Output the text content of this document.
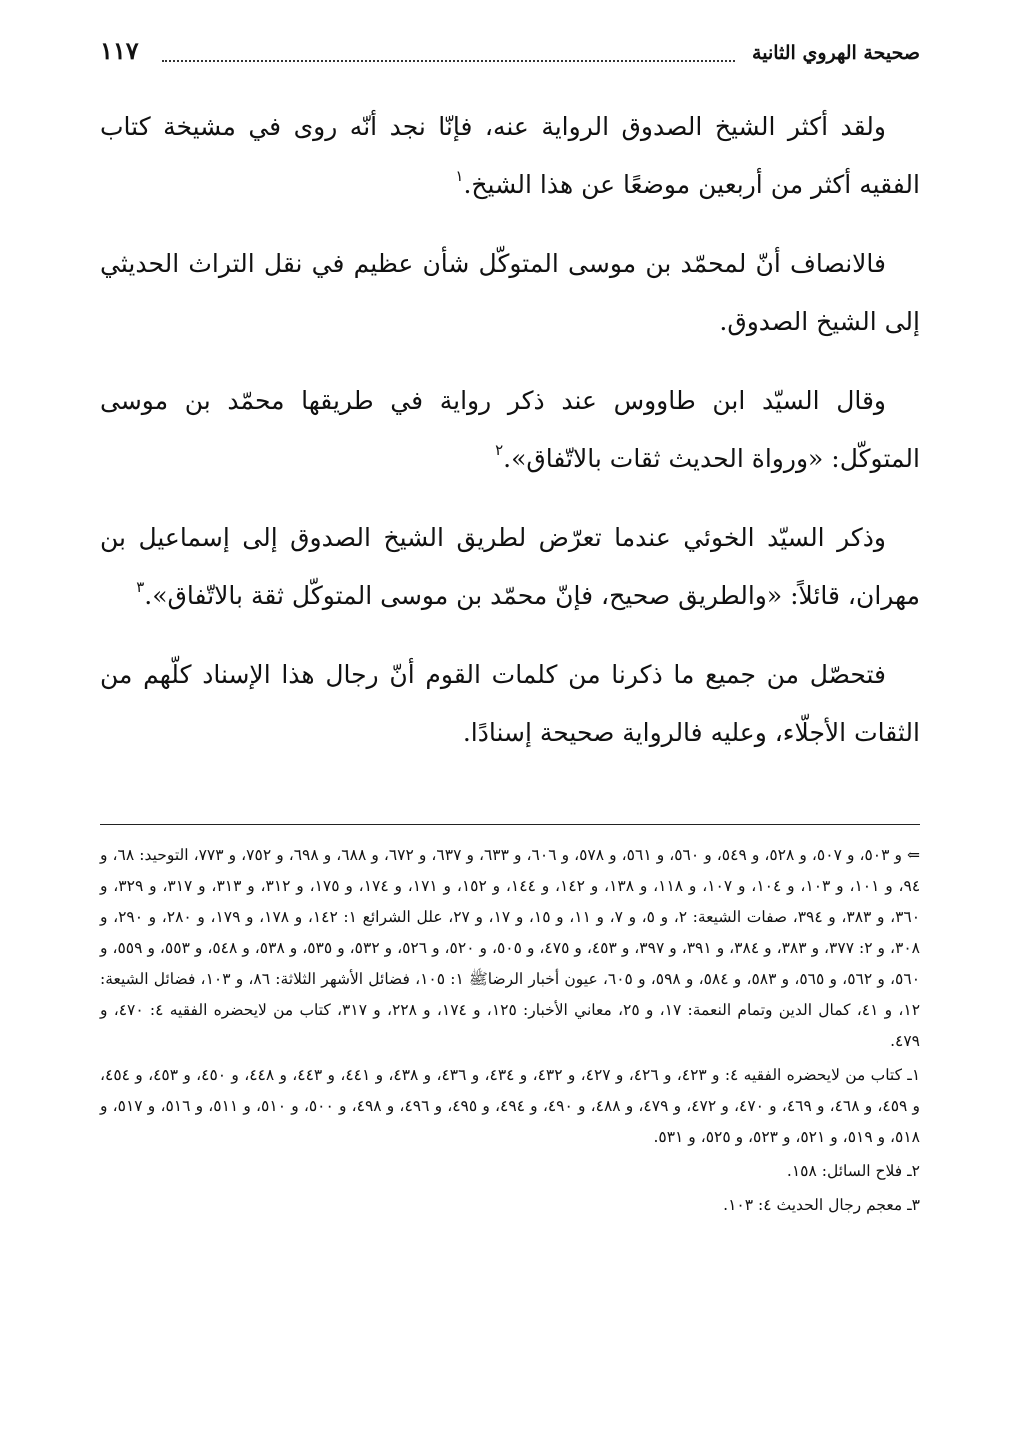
صحيحة الهروي الثانية
١١٧

ولقد أكثر الشيخ الصدوق الرواية عنه، فإنّا نجد أنّه روى في مشيخة كتاب الفقيه أكثر من أربعين موضعًا عن هذا الشيخ.$^١$

فالانصاف أنّ لمحمّد بن موسى المتوكّل شأن عظيم في نقل التراث الحديثي إلى الشيخ الصدوق.

وقال السيّد ابن طاووس عند ذكر رواية في طريقها محمّد بن موسى المتوكّل: «ورواة الحديث ثقات بالاتّفاق».$^٢$

وذكر السيّد الخوئي عندما تعرّض لطريق الشيخ الصدوق إلى إسماعيل بن مهران، قائلاً: «والطريق صحيح، فإنّ محمّد بن موسى المتوكّل ثقة بالاتّفاق».$^٣$

فتحصّل من جميع ما ذكرنا من كلمات القوم أنّ رجال هذا الإسناد كلّهم من الثقات الأجلّاء، وعليه فالرواية صحيحة إسنادًا.

⇐ و ٥٠٣، و ٥٠٧، و ٥٢٨، و ٥٤٩، و ٥٦٠، و ٥٦١، و ٥٧٨، و ٦٠٦، و ٦٣٣، و ٦٣٧، و ٦٧٢، و ٦٨٨، و ٦٩٨، و ٧٥٢، و ٧٧٣، التوحيد: ٦٨، و ٩٤، و ١٠١، و ١٠٣، و ١٠٤، و ١٠٧، و ١١٨، و ١٣٨، و ١٤٢، و ١٤٤، و ١٥٢، و ١٧١، و ١٧٤، و ١٧٥، و ٣١٢، و ٣١٣، و ٣١٧، و ٣٢٩، و ٣٦٠، و ٣٨٣، و ٣٩٤، صفات الشيعة: ٢، و ٥، و ٧، و ١١، و ١٥، و ١٧، و ٢٧، علل الشرائع ١: ١٤٢، و ١٧٨، و ١٧٩، و ٢٨٠، و ٢٩٠، و ٣٠٨، و ٢: ٣٧٧، و ٣٨٣، و ٣٨٤، و ٣٩١، و ٣٩٧، و ٤٥٣، و ٤٧٥، و ٥٠٥، و ٥٢٠، و ٥٢٦، و ٥٣٢، و ٥٣٥، و ٥٣٨، و ٥٤٨، و ٥٥٣، و ٥٥٩، و ٥٦٠، و ٥٦٢، و ٥٦٥، و ٥٨٣، و ٥٨٤، و ٥٩٨، و ٦٠٥، عيون أخبار الرضاﷺ ١: ١٠٥، فضائل الأشهر الثلاثة: ٨٦، و ١٠٣، فضائل الشيعة: ١٢، و ٤١، كمال الدين وتمام النعمة: ١٧، و ٢٥، معاني الأخبار: ١٢٥، و ١٧٤، و ٢٢٨، و ٣١٧، كتاب من لايحضره الفقيه ٤: ٤٧٠، و ٤٧٩.

١ـ كتاب من لايحضره الفقيه ٤: و ٤٢٣، و ٤٢٦، و ٤٢٧، و ٤٣٢، و ٤٣٤، و ٤٣٦، و ٤٣٨، و ٤٤١، و ٤٤٣، و ٤٤٨، و ٤٥٠، و ٤٥٣، و ٤٥٤، و ٤٥٩، و ٤٦٨، و ٤٦٩، و ٤٧٠، و ٤٧٢، و ٤٧٩، و ٤٨٨، و ٤٩٠، و ٤٩٤، و ٤٩٥، و ٤٩٦، و ٤٩٨، و ٥٠٠، و ٥١٠، و ٥١١، و ٥١٦، و ٥١٧، و ٥١٨، و ٥١٩، و ٥٢١، و ٥٢٣، و ٥٢٥، و ٥٣١.

٢ـ فلاح السائل: ١٥٨.

٣ـ معجم رجال الحديث ٤: ١٠٣.
